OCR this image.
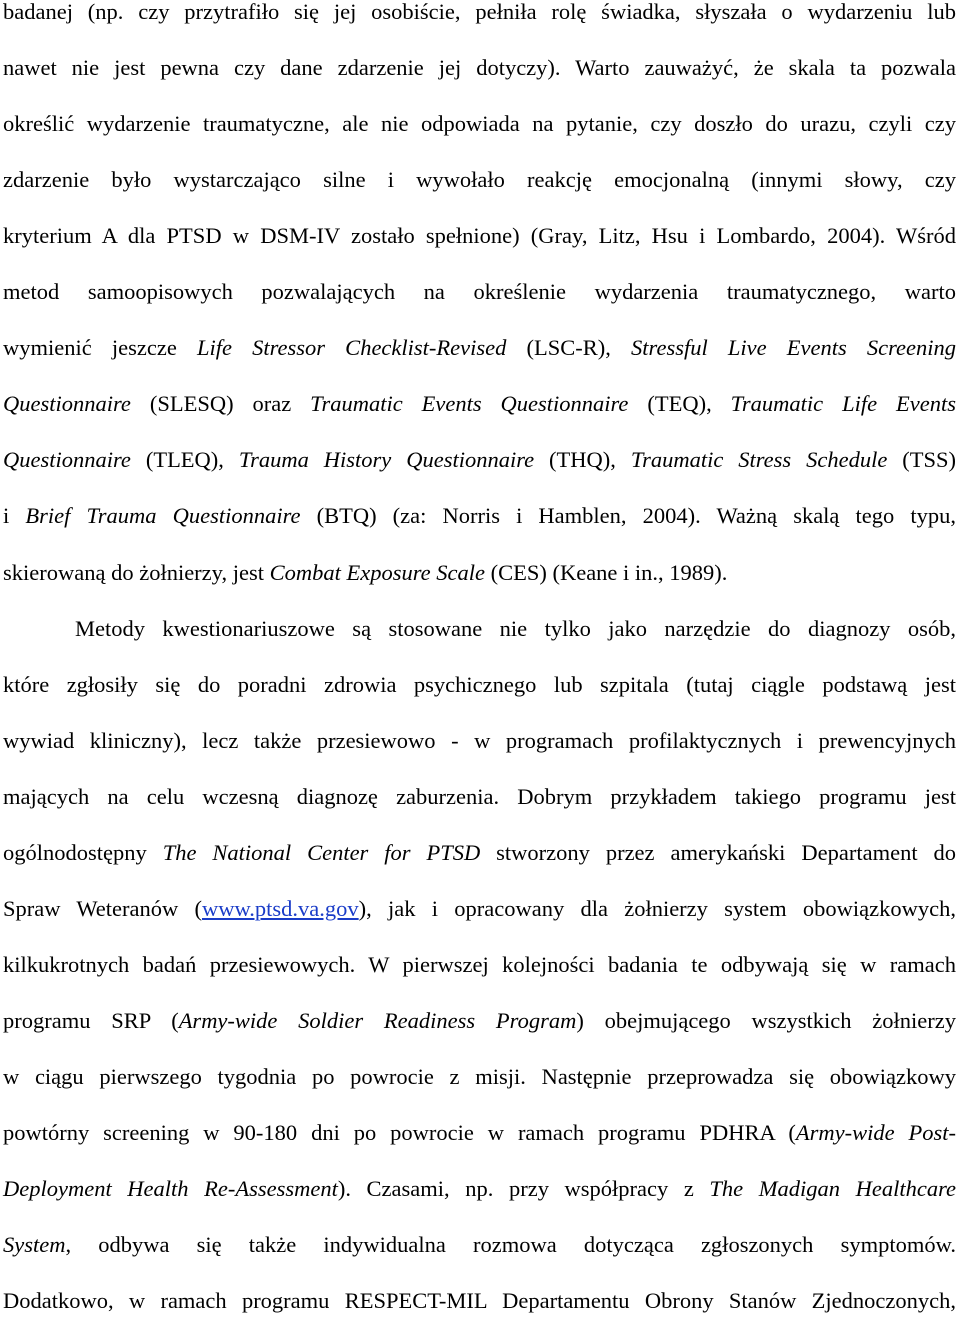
badanej (np. czy przytrafiło się jej osobiście, pełniła rolę świadka, słyszała o wydarzeniu lub
nawet nie jest pewna czy dane zdarzenie jej dotyczy). Warto zauważyć, że skala ta pozwala
określić wydarzenie traumatyczne, ale nie odpowiada na pytanie, czy doszło do urazu, czyli czy
zdarzenie było wystarczająco silne i wywołało reakcję emocjonalną (innymi słowy, czy
kryterium A dla PTSD w DSM-IV zostało spełnione) (Gray, Litz, Hsu i Lombardo, 2004). Wśród
metod samoopisowych pozwalających na określenie wydarzenia traumatycznego, warto
wymienić jeszcze Life Stressor Checklist-Revised (LSC-R), Stressful Live Events Screening
Questionnaire (SLESQ) oraz Traumatic Events Questionnaire (TEQ), Traumatic Life Events
Questionnaire (TLEQ), Trauma History Questionnaire (THQ), Traumatic Stress Schedule (TSS)
i Brief Trauma Questionnaire (BTQ) (za: Norris i Hamblen, 2004). Ważną skalą tego typu,
skierowaną do żołnierzy, jest Combat Exposure Scale (CES) (Keane i in., 1989).
Metody kwestionariuszowe są stosowane nie tylko jako narzędzie do diagnozy osób,
które zgłosiły się do poradni zdrowia psychicznego lub szpitala (tutaj ciągle podstawą jest
wywiad kliniczny), lecz także przesiewowo - w programach profilaktycznych i prewencyjnych
mających na celu wczesną diagnozę zaburzenia. Dobrym przykładem takiego programu jest
ogólnodostępny The National Center for PTSD stworzony przez amerykański Departament do
Spraw Weteranów (www.ptsd.va.gov), jak i opracowany dla żołnierzy system obowiązkowych,
kilkukrotnych badań przesiewowych. W pierwszej kolejności badania te odbywają się w ramach
programu SRP (Army-wide Soldier Readiness Program) obejmującego wszystkich żołnierzy
w ciągu pierwszego tygodnia po powrocie z misji. Następnie przeprowadza się obowiązkowy
powtórny screening w 90-180 dni po powrocie w ramach programu PDHRA (Army-wide Post-
Deployment Health Re-Assessment). Czasami, np. przy współpracy z The Madigan Healthcare
System, odbywa się także indywidualna rozmowa dotycząca zgłoszonych symptomów.
Dodatkowo, w ramach programu RESPECT-MIL Departamentu Obrony Stanów Zjednoczonych,
